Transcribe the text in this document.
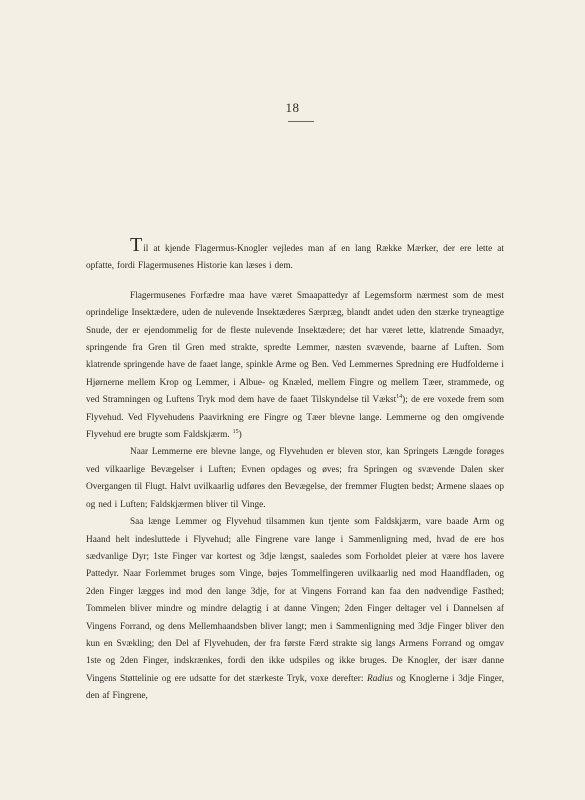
18

Til at kjende Flagermus-Knogler vejledes man af en lang Række Mærker, der ere lette at opfatte, fordi Flagermusenes Historie kan læses i dem.

Flagermusenes Forfædre maa have været Smaapattedyr af Legemsform nærmest som de mest oprindelige Insektædere, uden de nulevende Insektæderes Særpræg, blandt andet uden den stærke tryneagtige Snude, der er ejendommelig for de fleste nulevende Insektædere; det har været lette, klatrende Smaadyr, springende fra Gren til Gren med strakte, spredte Lemmer, næsten svævende, baarne af Luften. Som klatrende springende have de faaet lange, spinkle Arme og Ben. Ved Lemmernes Spredning ere Hudfolderne i Hjørnerne mellem Krop og Lemmer, i Albue- og Knæled, mellem Fingre og mellem Tæer, strammede, og ved Stramningen og Luftens Tryk mod dem have de faaet Tilskyndelse til Vækst$^{14}$); de ere voxede frem som Flyvehud. Ved Flyvehudens Paavirkning ere Fingre og Tæer blevne lange. Lemmerne og den omgivende Flyvehud ere brugte som Faldskjærm. $^{15}$)

Naar Lemmerne ere blevne lange, og Flyvehuden er bleven stor, kan Springets Længde forøges ved vilkaarlige Bevægelser i Luften; Evnen opdages og øves; fra Springen og svævende Dalen sker Overgangen til Flugt. Halvt uvilkaarlig udføres den Bevægelse, der fremmer Flugten bedst; Armene slaaes op og ned i Luften; Faldskjærmen bliver til Vinge.

Saa længe Lemmer og Flyvehud tilsammen kun tjente som Faldskjærm, vare baade Arm og Haand helt indesluttede i Flyvehud; alle Fingrene vare lange i Sammenligning med, hvad de ere hos sædvanlige Dyr; 1ste Finger var kortest og 3dje længst, saaledes som Forholdet pleier at være hos lavere Pattedyr. Naar Forlemmet bruges som Vinge, bøjes Tommelfingeren uvilkaarlig ned mod Haandfladen, og 2den Finger lægges ind mod den lange 3dje, for at Vingens Forrand kan faa den nødvendige Fasthed; Tommelen bliver mindre og mindre delagtig i at danne Vingen; 2den Finger deltager vel i Dannelsen af Vingens Forrand, og dens Mellemhaandsben bliver langt; men i Sammenligning med 3dje Finger bliver den kun en Svækling; den Del af Flyvehuden, der fra første Færd strakte sig langs Armens Forrand og omgav 1ste og 2den Finger, indskrænkes, fordi den ikke udspiles og ikke bruges. De Knogler, der især danne Vingens Støttelinie og ere udsatte for det stærkeste Tryk, voxe derefter: Radius og Knoglerne i 3dje Finger, den af Fingrene,
